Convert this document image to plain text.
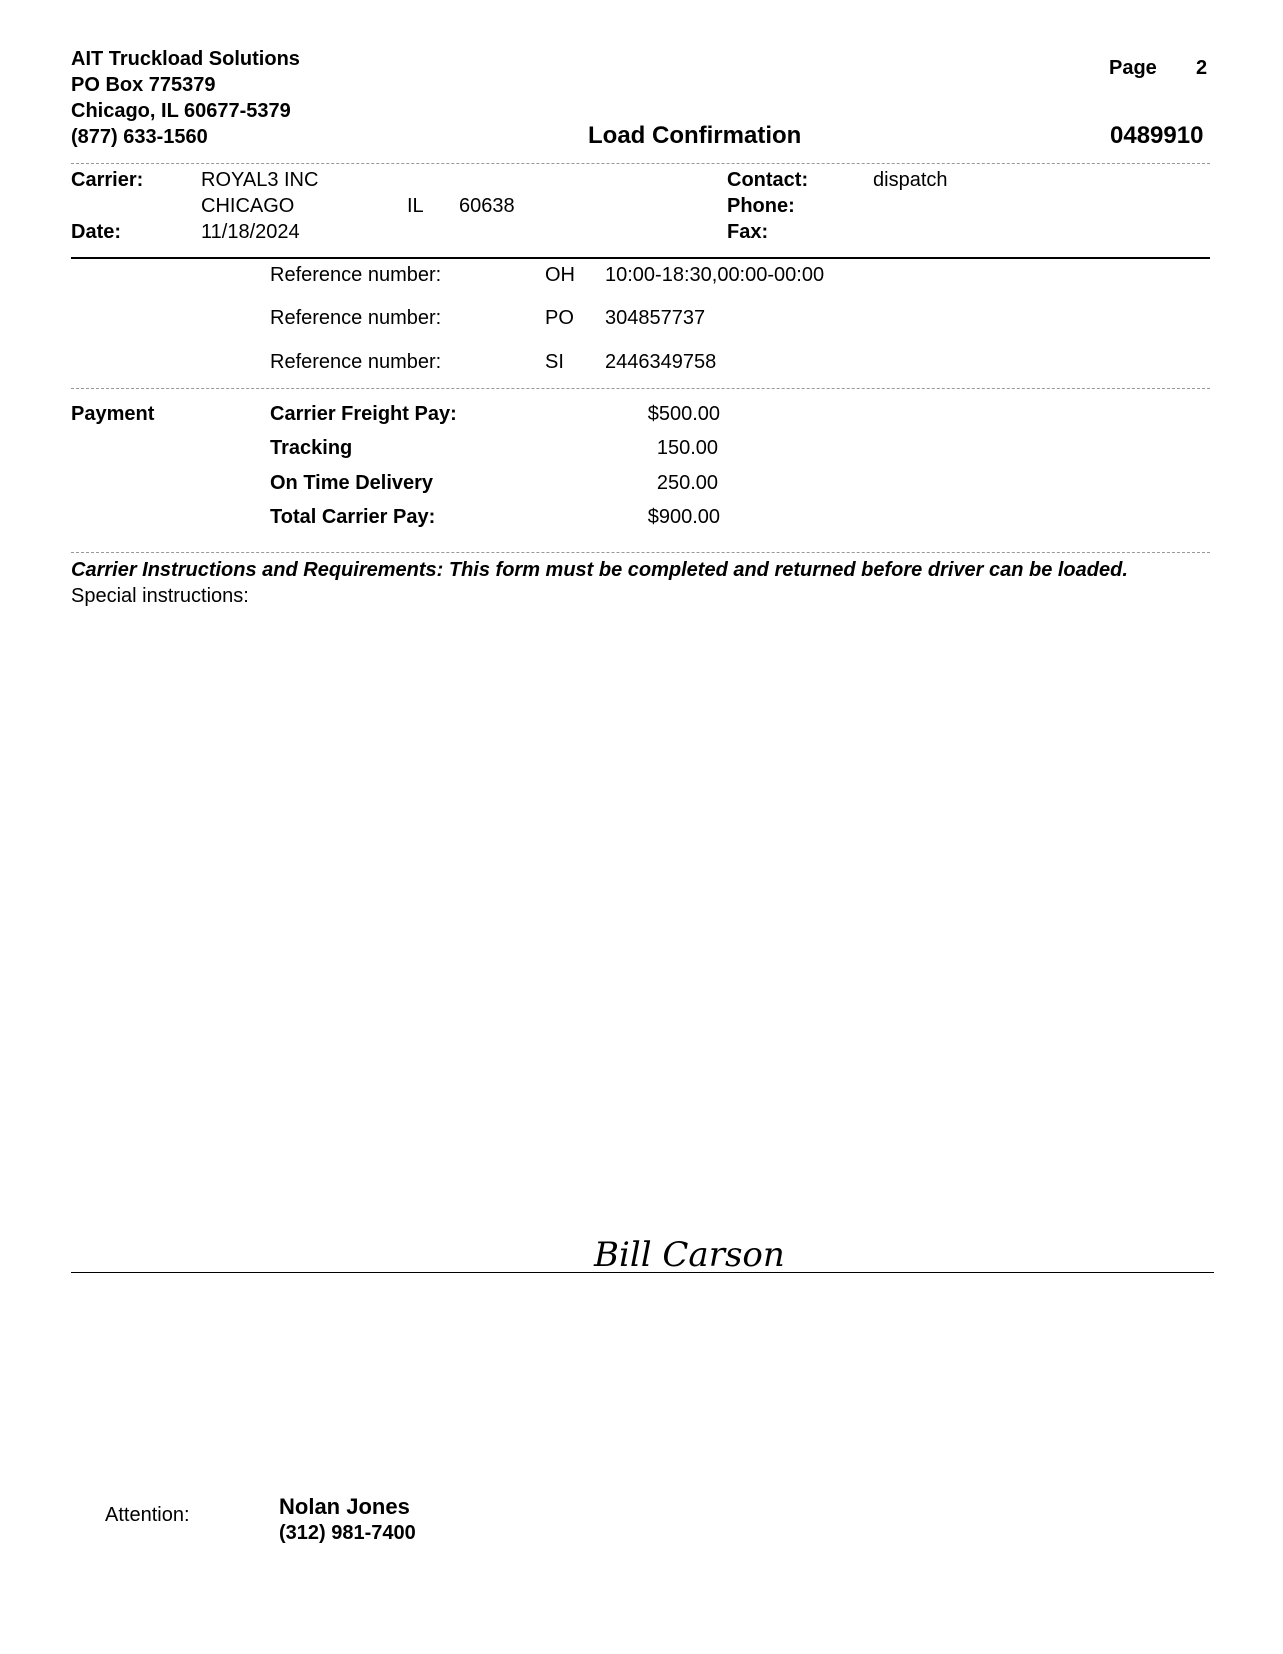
AIT Truckload Solutions
PO Box 775379
Chicago, IL 60677-5379
(877) 633-1560
Page 2
Load Confirmation	0489910
Carrier:	ROYAL3 INC
CHICAGO	IL 60638
Date:	11/18/2024
Contact:	dispatch
Phone:
Fax:
Reference number:	OH 10:00-18:30,00:00-00:00
Reference number:	PO 304857737
Reference number:	SI 2446349758
Payment	Carrier Freight Pay:	$500.00
Tracking	150.00
On Time Delivery	250.00
Total Carrier Pay:	$900.00
Carrier Instructions and Requirements: This form must be completed and returned before driver can be loaded.
Special instructions:
Bill Carson
Attention:	Nolan Jones
(312) 981-7400
